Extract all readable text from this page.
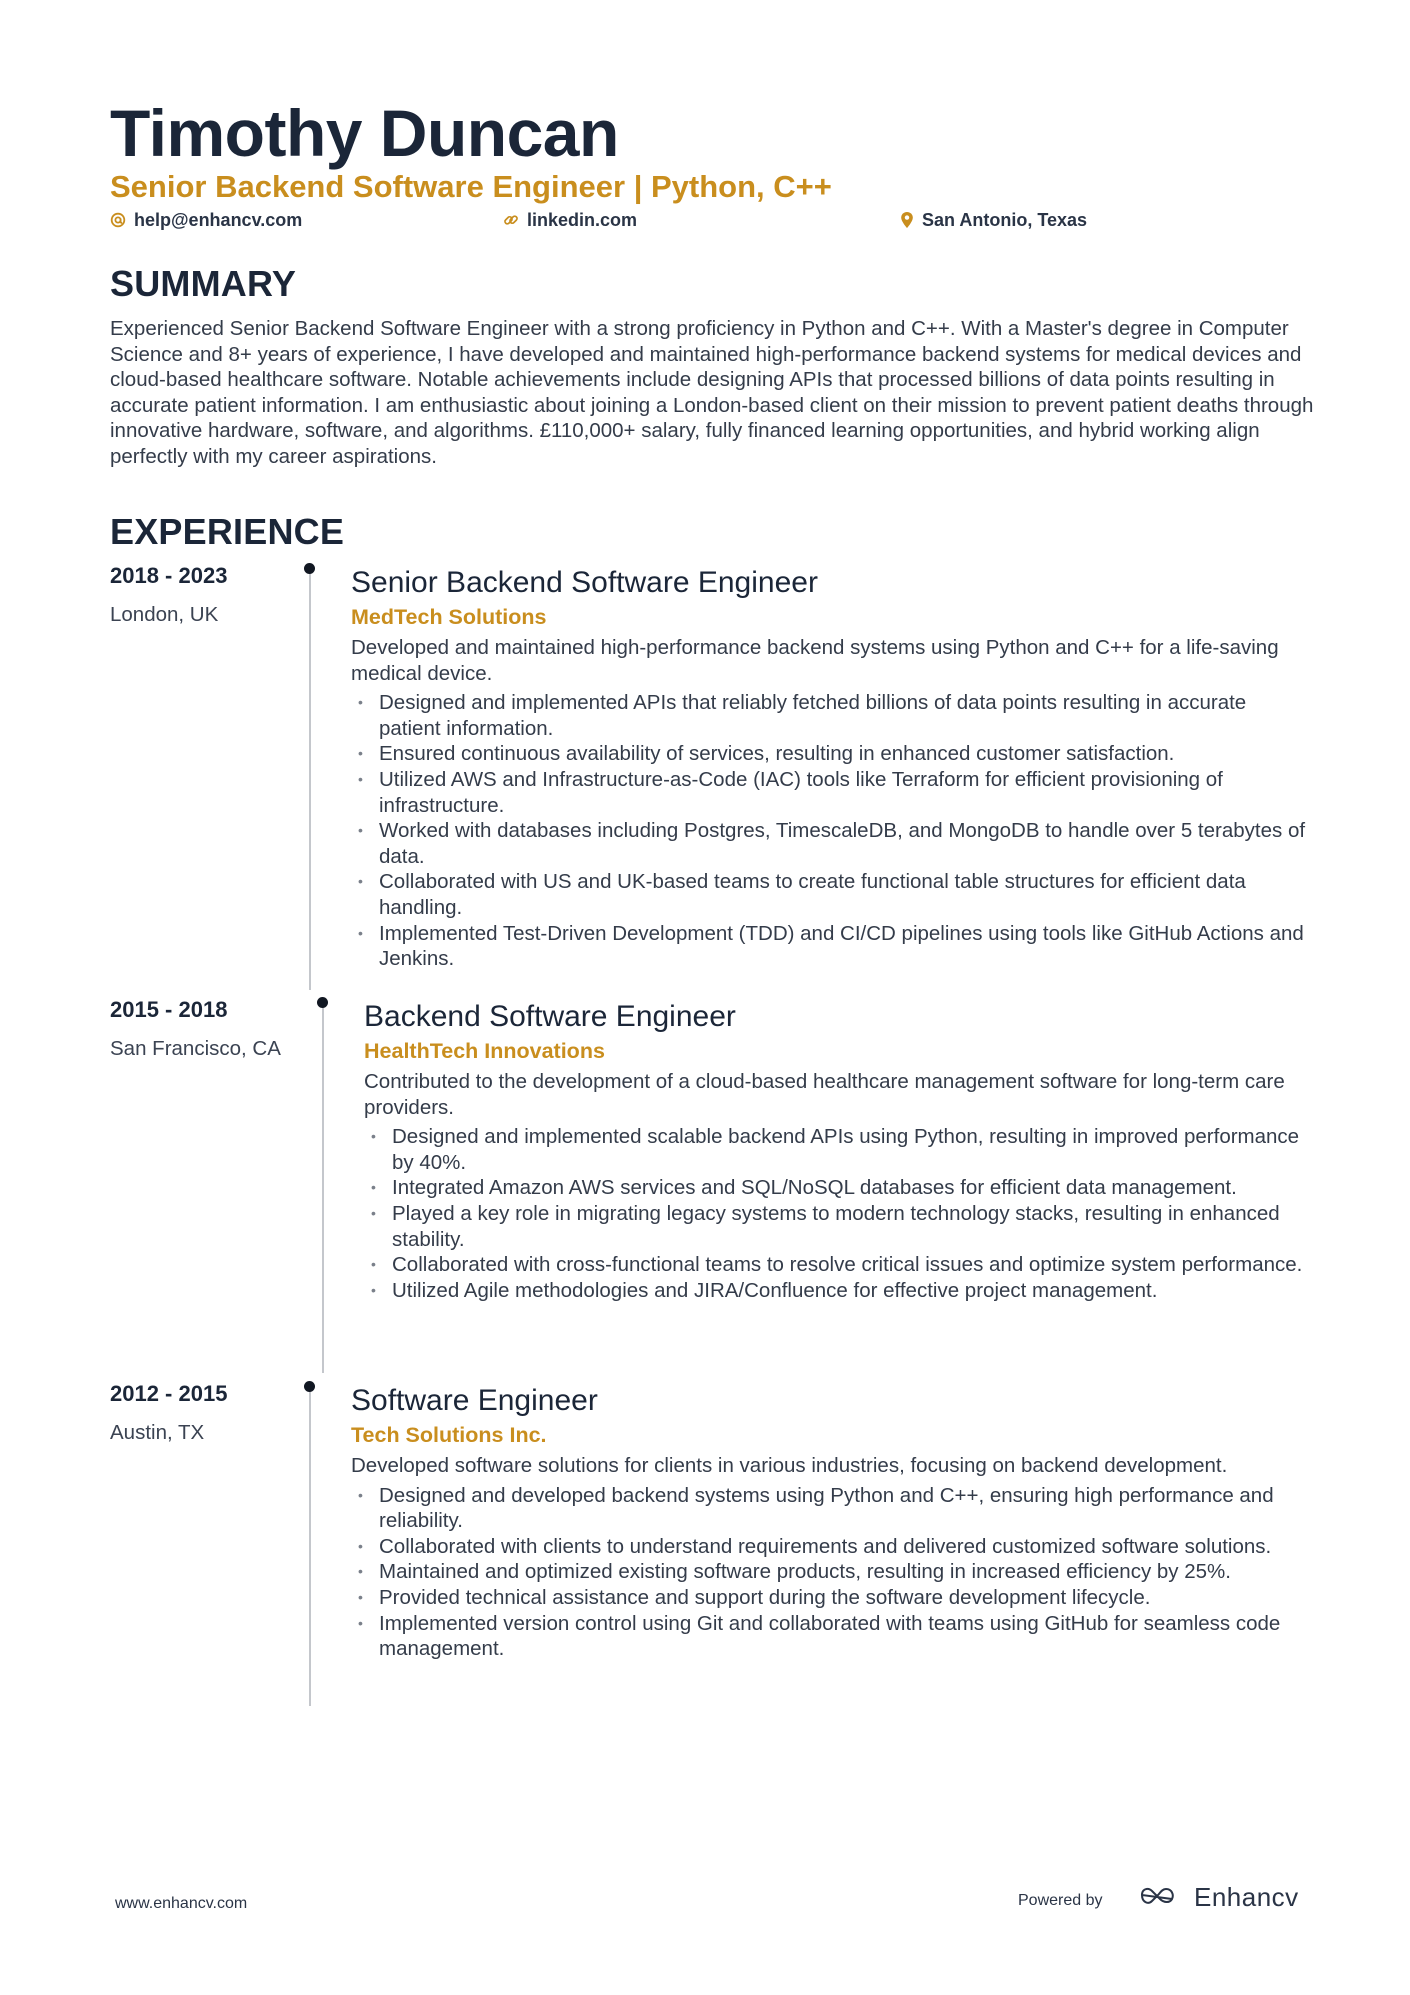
Timothy Duncan
Senior Backend Software Engineer | Python, C++
help@enhancv.com	linkedin.com	San Antonio, Texas
SUMMARY
Experienced Senior Backend Software Engineer with a strong proficiency in Python and C++. With a Master's degree in Computer Science and 8+ years of experience, I have developed and maintained high-performance backend systems for medical devices and cloud-based healthcare software. Notable achievements include designing APIs that processed billions of data points resulting in accurate patient information. I am enthusiastic about joining a London-based client on their mission to prevent patient deaths through innovative hardware, software, and algorithms. £110,000+ salary, fully financed learning opportunities, and hybrid working align perfectly with my career aspirations.
EXPERIENCE
2018 - 2023
London, UK
Senior Backend Software Engineer
MedTech Solutions
Developed and maintained high-performance backend systems using Python and C++ for a life-saving medical device.
• Designed and implemented APIs that reliably fetched billions of data points resulting in accurate patient information.
• Ensured continuous availability of services, resulting in enhanced customer satisfaction.
• Utilized AWS and Infrastructure-as-Code (IAC) tools like Terraform for efficient provisioning of infrastructure.
• Worked with databases including Postgres, TimescaleDB, and MongoDB to handle over 5 terabytes of data.
• Collaborated with US and UK-based teams to create functional table structures for efficient data handling.
• Implemented Test-Driven Development (TDD) and CI/CD pipelines using tools like GitHub Actions and Jenkins.
2015 - 2018
San Francisco, CA
Backend Software Engineer
HealthTech Innovations
Contributed to the development of a cloud-based healthcare management software for long-term care providers.
• Designed and implemented scalable backend APIs using Python, resulting in improved performance by 40%.
• Integrated Amazon AWS services and SQL/NoSQL databases for efficient data management.
• Played a key role in migrating legacy systems to modern technology stacks, resulting in enhanced stability.
• Collaborated with cross-functional teams to resolve critical issues and optimize system performance.
• Utilized Agile methodologies and JIRA/Confluence for effective project management.
2012 - 2015
Austin, TX
Software Engineer
Tech Solutions Inc.
Developed software solutions for clients in various industries, focusing on backend development.
• Designed and developed backend systems using Python and C++, ensuring high performance and reliability.
• Collaborated with clients to understand requirements and delivered customized software solutions.
• Maintained and optimized existing software products, resulting in increased efficiency by 25%.
• Provided technical assistance and support during the software development lifecycle.
• Implemented version control using Git and collaborated with teams using GitHub for seamless code management.
www.enhancv.com	Powered by	Enhancv
